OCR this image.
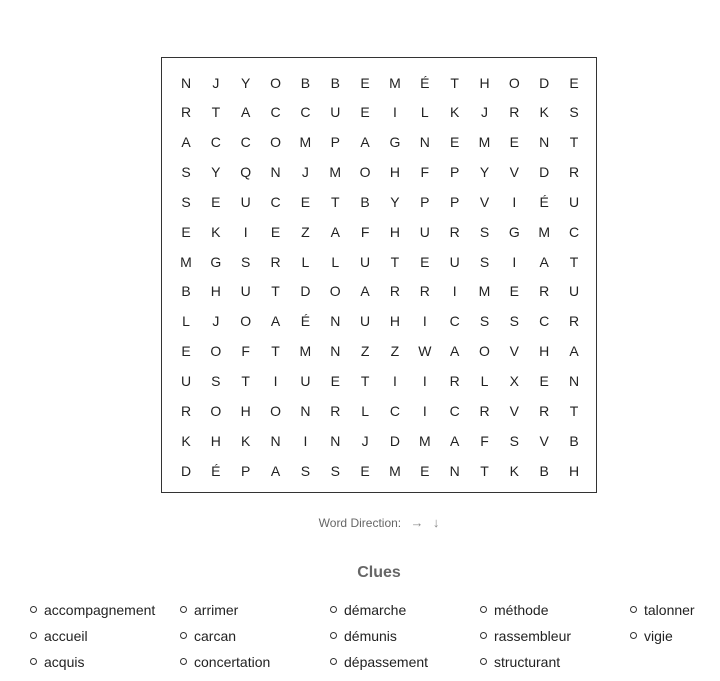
N	J	Y	O	B	B	E	M	É	T	H	O	D	E
R	T	A	C	C	U	E	I	L	K	J	R	K	S
A	C	C	O	M	P	A	G	N	E	M	E	N	T
S	Y	Q	N	J	M	O	H	F	P	Y	V	D	R
S	E	U	C	E	T	B	Y	P	P	V	I	É	U
E	K	I	E	Z	A	F	H	U	R	S	G	M	C
M	G	S	R	L	L	U	T	E	U	S	I	A	T
B	H	U	T	D	O	A	R	R	I	M	E	R	U
L	J	O	A	É	N	U	H	I	C	S	S	C	R
E	O	F	T	M	N	Z	Z	W	A	O	V	H	A
U	S	T	I	U	E	T	I	I	R	L	X	E	N
R	O	H	O	N	R	L	C	I	C	R	V	R	T
K	H	K	N	I	N	J	D	M	A	F	S	V	B
D	É	P	A	S	S	E	M	E	N	T	K	B	H
Word Direction: → ↓
Clues
accompagnement
accueil
acquis
arrimer
carcan
concertation
démarche
démunis
dépassement
méthode
rassembleur
structurant
talonner
vigie
